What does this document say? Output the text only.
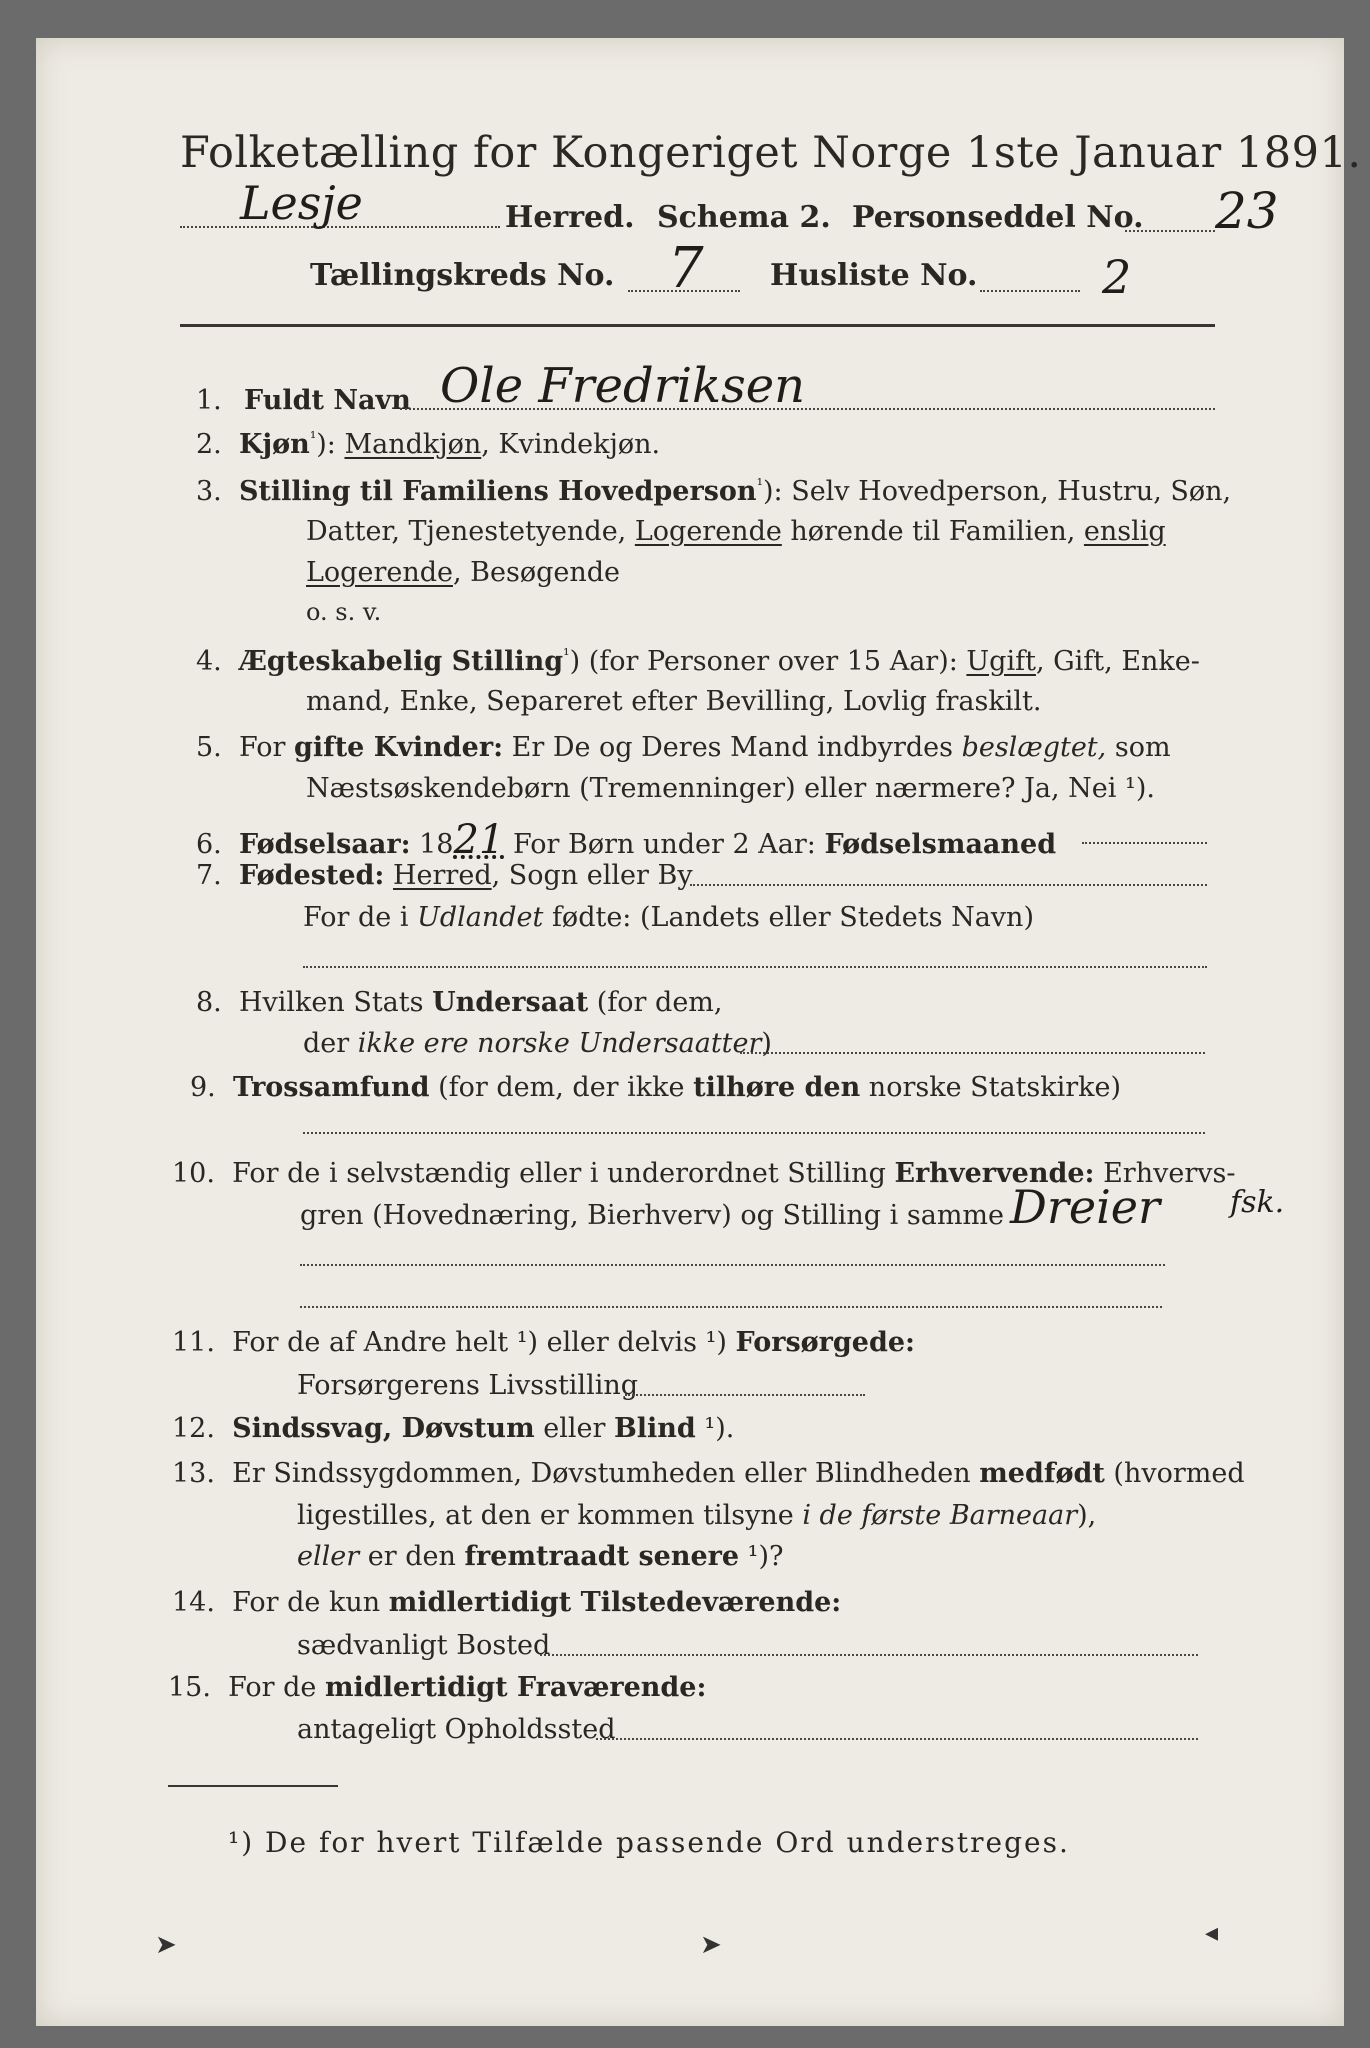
Folketælling for Kongeriget Norge 1ste Januar 1891.
Lesje	Herred. Schema 2. Personseddel No. 23
Tællingskreds No. 7 Husliste No.	2
1. Fuldt Navn Ole Fredriksen
2. Kjøn$^{^1}$): Mandkjøn, Kvindekjøn.
3. Stilling til Familiens Hovedperson$^{^1}$): Selv Hovedperson, Hustru, Søn,
Datter, Tjenestetyende, Logerende hørende til Familien, enslig
Logerende, Besøgende
o. s. v.
4. Ægteskabelig Stilling$^{^1}$) (for Personer over 15 Aar): Ugift, Gift, Enke-
mand, Enke, Separeret efter Bevilling, Lovlig fraskilt.
5. For gifte Kvinder: Er De og Deres Mand indbyrdes beslægtet, som
Næstsøskendebørn (Tremenninger) eller nærmere? Ja, Nei ¹).
6. Fødselsaar: 1821 For Børn under 2 Aar: Fødselsmaaned
7. Fødested: Herred, Sogn eller By
For de i Udlandet fødte: (Landets eller Stedets Navn)
8. Hvilken Stats Undersaat (for dem,
der ikke ere norske Undersaatter)
9. Trossamfund (for dem, der ikke tilhøre den norske Statskirke)
10. For de i selvstændig eller i underordnet Stilling Erhvervende: Erhvervs-
gren (Hovednæring, Bierhverv) og Stilling i samme Dreier fsk.
11. For de af Andre helt ¹) eller delvis ¹) Forsørgede:
Forsørgerens Livsstilling
12. Sindssvag, Døvstum eller Blind ¹).
13. Er Sindssygdommen, Døvstumheden eller Blindheden medfødt (hvormed
ligestilles, at den er kommen tilsyne i de første Barneaar),
eller er den fremtraadt senere ¹)?
14. For de kun midlertidigt Tilstedeværende:
sædvanligt Bosted
15. For de midlertidigt Fraværende:
antageligt Opholdssted
¹) De for hvert Tilfælde passende Ord understreges.
➤	➤	◂
